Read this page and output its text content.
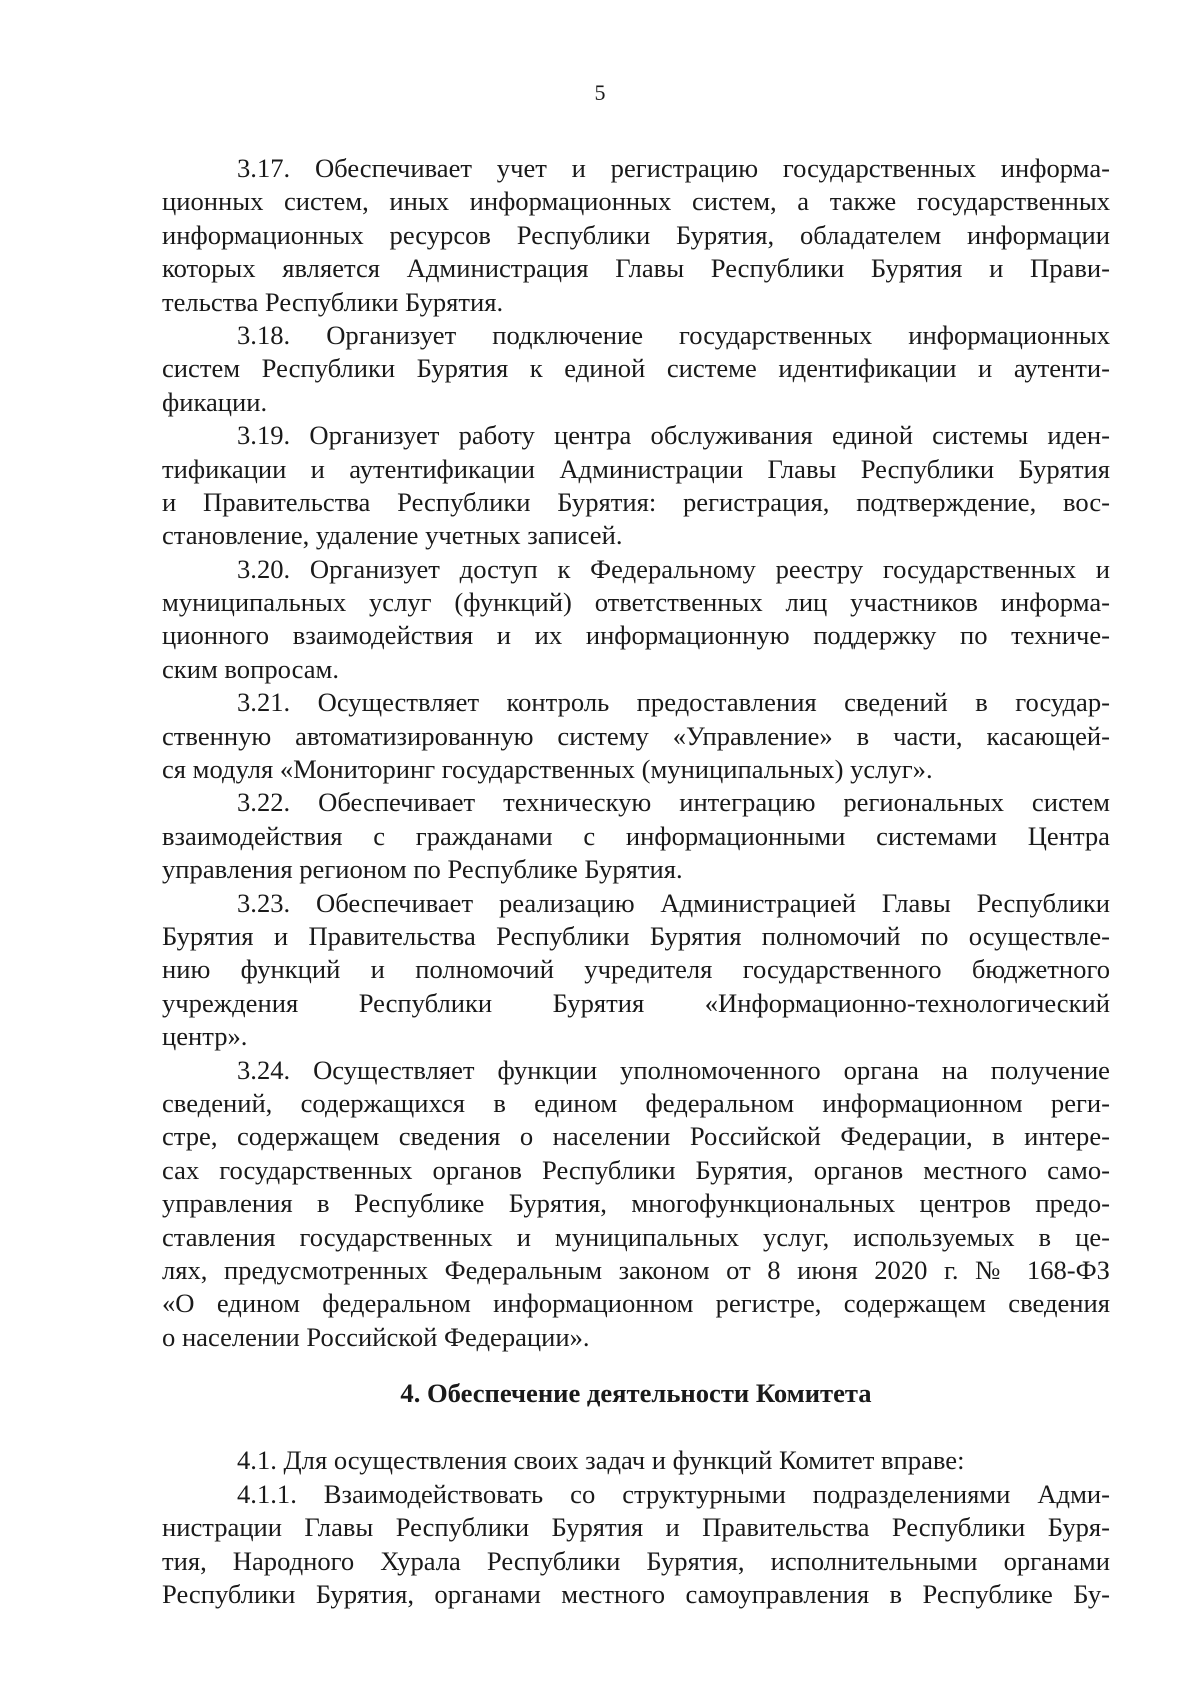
5
3.17. Обеспечивает учет и регистрацию государственных информа-
ционных систем, иных информационных систем, а также государственных
информационных ресурсов Республики Бурятия, обладателем информации
которых является Администрация Главы Республики Бурятия и Прави-
тельства Республики Бурятия.
3.18. Организует подключение государственных информационных
систем Республики Бурятия к единой системе идентификации и аутенти-
фикации.
3.19. Организует работу центра обслуживания единой системы иден-
тификации и аутентификации Администрации Главы Республики Бурятия
и Правительства Республики Бурятия: регистрация, подтверждение, вос-
становление, удаление учетных записей.
3.20. Организует доступ к Федеральному реестру государственных и
муниципальных услуг (функций) ответственных лиц участников информа-
ционного взаимодействия и их информационную поддержку по техниче-
ским вопросам.
3.21. Осуществляет контроль предоставления сведений в государ-
ственную автоматизированную систему «Управление» в части, касающей-
ся модуля «Мониторинг государственных (муниципальных) услуг».
3.22. Обеспечивает техническую интеграцию региональных систем
взаимодействия с гражданами с информационными системами Центра
управления регионом по Республике Бурятия.
3.23. Обеспечивает реализацию Администрацией Главы Республики
Бурятия и Правительства Республики Бурятия полномочий по осуществле-
нию функций и полномочий учредителя государственного бюджетного
учреждения Республики Бурятия «Информационно-технологический
центр».
3.24. Осуществляет функции уполномоченного органа на получение
сведений, содержащихся в едином федеральном информационном реги-
стре, содержащем сведения о населении Российской Федерации, в интере-
сах государственных органов Республики Бурятия, органов местного само-
управления в Республике Бурятия, многофункциональных центров предо-
ставления государственных и муниципальных услуг, используемых в це-
лях, предусмотренных Федеральным законом от 8 июня 2020 г. № 168-ФЗ
«О едином федеральном информационном регистре, содержащем сведения
о населении Российской Федерации».
4. Обеспечение деятельности Комитета
4.1. Для осуществления своих задач и функций Комитет вправе:
4.1.1. Взаимодействовать со структурными подразделениями Адми-
нистрации Главы Республики Бурятия и Правительства Республики Буря-
тия, Народного Хурала Республики Бурятия, исполнительными органами
Республики Бурятия, органами местного самоуправления в Республике Бу-
